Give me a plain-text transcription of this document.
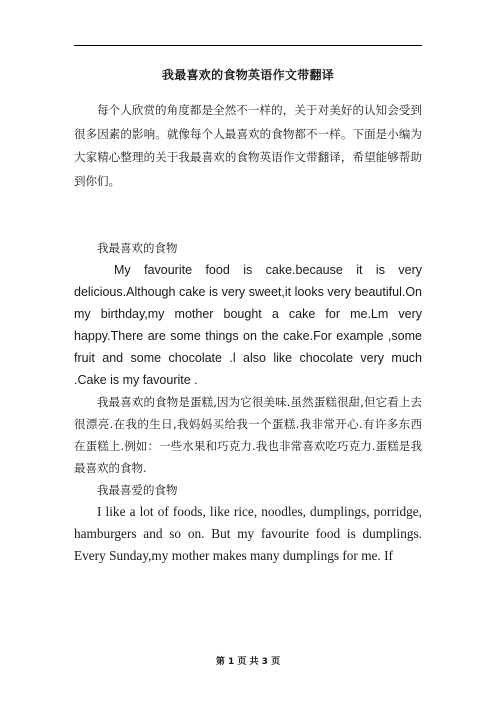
我最喜欢的食物英语作文带翻译

每个人欣赏的角度都是全然不一样的，关于对美好的认知会受到很多因素的影响。就像每个人最喜欢的食物都不一样。下面是小编为大家精心整理的关于我最喜欢的食物英语作文带翻译，希望能够帮助到你们。

我最喜欢的食物

My favourite food is cake.because it is very delicious.Although cake is very sweet,it looks very beautiful.On my birthday,my mother bought a cake for me.Lm very happy.There are some things on the cake.For example ,some fruit and some chocolate .l also like chocolate very much .Cake is my favourite .

我最喜欢的食物是蛋糕,因为它很美味.虽然蛋糕很甜,但它看上去很漂亮.在我的生日,我妈妈买给我一个蛋糕.我非常开心.有许多东西在蛋糕上.例如：一些水果和巧克力.我也非常喜欢吃巧克力.蛋糕是我最喜欢的食物.

我最喜爱的食物

I like a lot of foods, like rice, noodles, dumplings, porridge, hamburgers and so on. But my favourite food is dumplings. Every Sunday,my mother makes many dumplings for me. If

第 1 页 共 3 页
